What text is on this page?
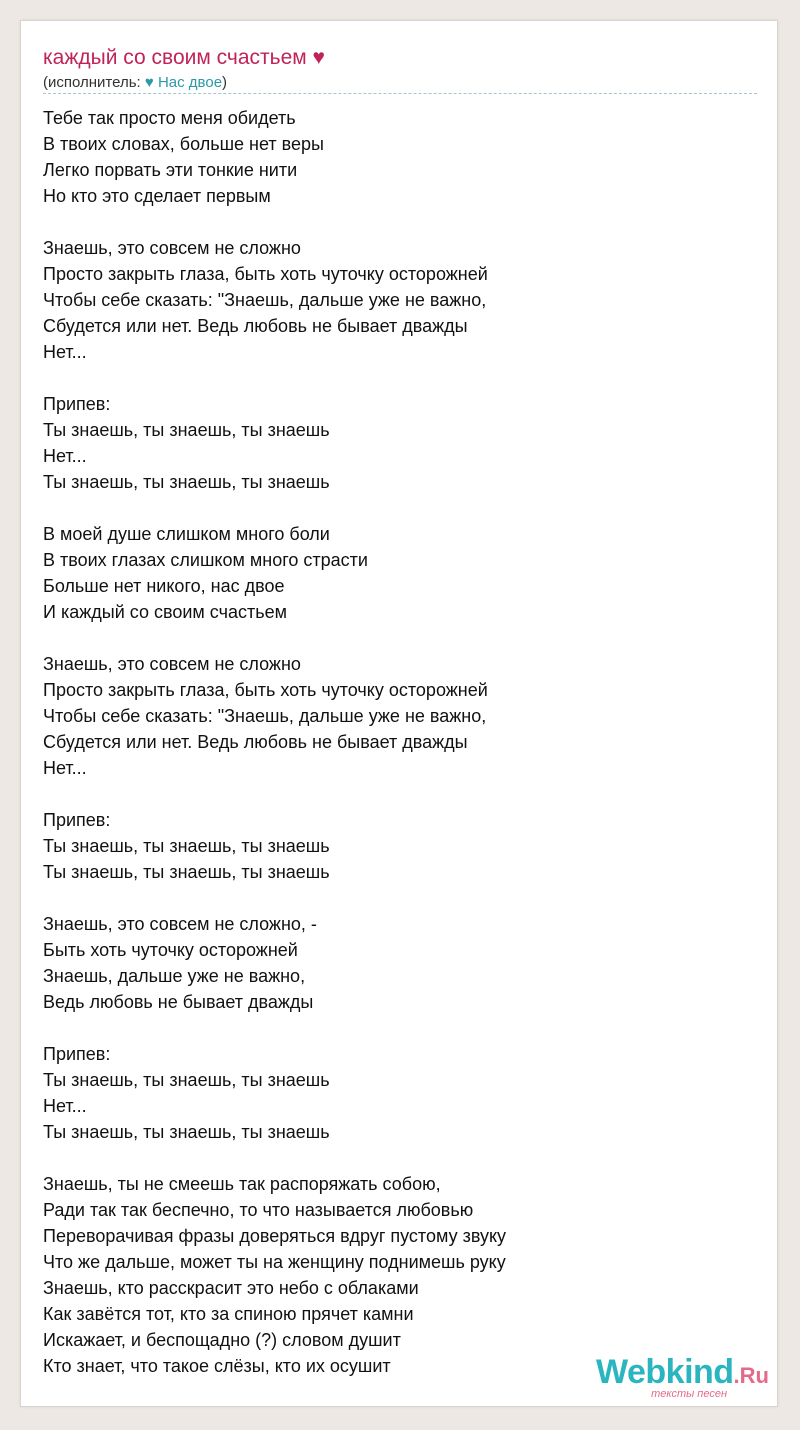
каждый со своим счастьем ♥
(исполнитель: ♥ Нас двое)
Тебе так просто меня обидеть
В твоих словах, больше нет веры
Легко порвать эти тонкие нити
Но кто это сделает первым
Знаешь, это совсем не сложно
Просто закрыть глаза, быть хоть чуточку осторожней
Чтобы себе сказать: "Знаешь, дальше уже не важно,
Сбудется или нет. Ведь любовь не бывает дважды
Нет...
Припев:
Ты знаешь, ты знаешь, ты знаешь
Нет...
Ты знаешь, ты знаешь, ты знаешь
В моей душе слишком много боли
В твоих глазах слишком много страсти
Больше нет никого, нас двое
И каждый со своим счастьем
Знаешь, это совсем не сложно
Просто закрыть глаза, быть хоть чуточку осторожней
Чтобы себе сказать: "Знаешь, дальше уже не важно,
Сбудется или нет. Ведь любовь не бывает дважды
Нет...
Припев:
Ты знаешь, ты знаешь, ты знаешь
Ты знаешь, ты знаешь, ты знаешь
Знаешь, это совсем не сложно, -
Быть хоть чуточку осторожней
Знаешь, дальше уже не важно,
Ведь любовь не бывает дважды
Припев:
Ты знаешь, ты знаешь, ты знаешь
Нет...
Ты знаешь, ты знаешь, ты знаешь
Знаешь, ты не смеешь так распоряжать собою,
Ради так так беспечно, то что называется любовью
Переворачивая фразы доверяться вдруг пустому звуку
Что же дальше, может ты на женщину поднимешь руку
Знаешь, кто расскрасит это небо с облаками
Как завётся тот, кто за спиною прячет камни
Искажает, и беспощадно (?) словом душит
Кто знает, что такое слёзы, кто их осушит	Webkind.Ru
тексты песен
